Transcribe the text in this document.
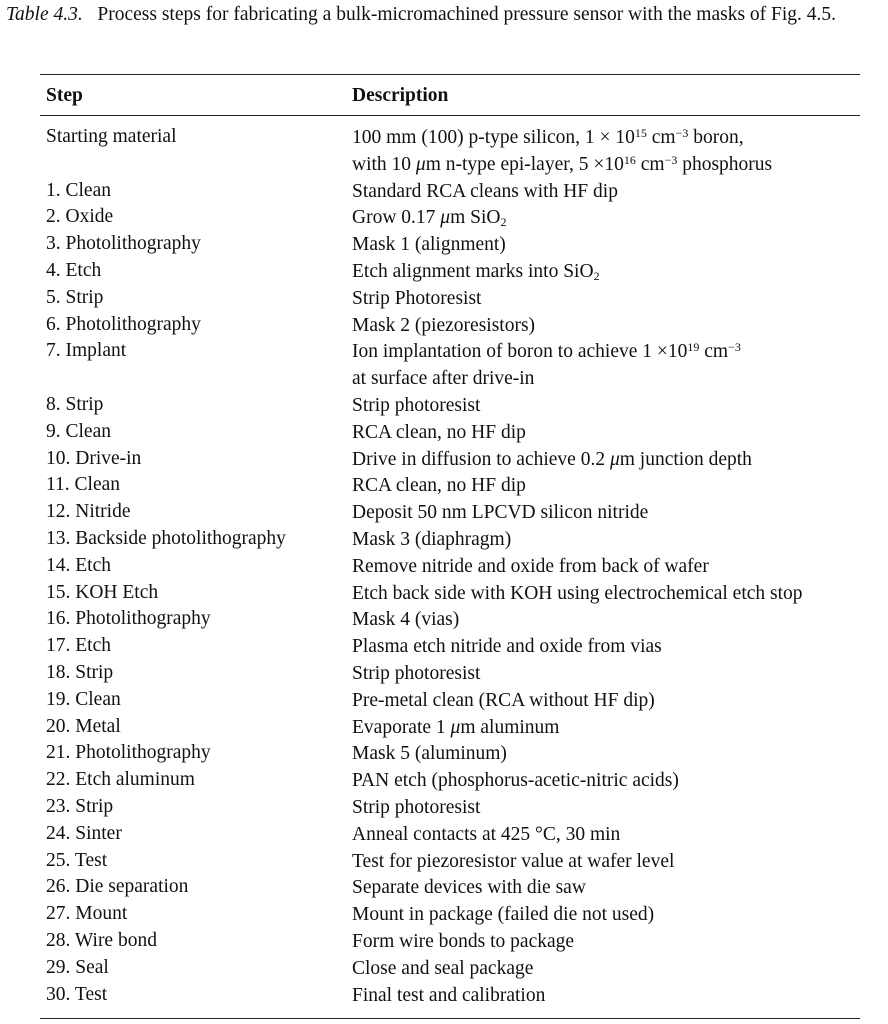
Table 4.3. Process steps for fabricating a bulk-micromachined pressure sensor with the masks of Fig. 4.5.
Step	Description
Starting material	100 mm (100) p-type silicon, $1 \times 10^{15}$ $cm^{-3}$ boron,
with 10 μm n-type epi-layer, $5 \times 10^{16}$ $cm^{-3}$ phosphorus
1. Clean	Standard RCA cleans with HF dip
2. Oxide	Grow 0.17 μm SiO$_2$
3. Photolithography	Mask 1 (alignment)
4. Etch	Etch alignment marks into SiO$_2$
5. Strip	Strip Photoresist
6. Photolithography	Mask 2 (piezoresistors)
7. Implant	Ion implantation of boron to achieve $1 \times 10^{19}$ $cm^{-3}$
at surface after drive-in
8. Strip	Strip photoresist
9. Clean	RCA clean, no HF dip
10. Drive-in	Drive in diffusion to achieve 0.2 μm junction depth
11. Clean	RCA clean, no HF dip
12. Nitride	Deposit 50 nm LPCVD silicon nitride
13. Backside photolithography	Mask 3 (diaphragm)
14. Etch	Remove nitride and oxide from back of wafer
15. KOH Etch	Etch back side with KOH using electrochemical etch stop
16. Photolithography	Mask 4 (vias)
17. Etch	Plasma etch nitride and oxide from vias
18. Strip	Strip photoresist
19. Clean	Pre-metal clean (RCA without HF dip)
20. Metal	Evaporate 1 μm aluminum
21. Photolithography	Mask 5 (aluminum)
22. Etch aluminum	PAN etch (phosphorus-acetic-nitric acids)
23. Strip	Strip photoresist
24. Sinter	Anneal contacts at 425 °C, 30 min
25. Test	Test for piezoresistor value at wafer level
26. Die separation	Separate devices with die saw
27. Mount	Mount in package (failed die not used)
28. Wire bond	Form wire bonds to package
29. Seal	Close and seal package
30. Test	Final test and calibration
